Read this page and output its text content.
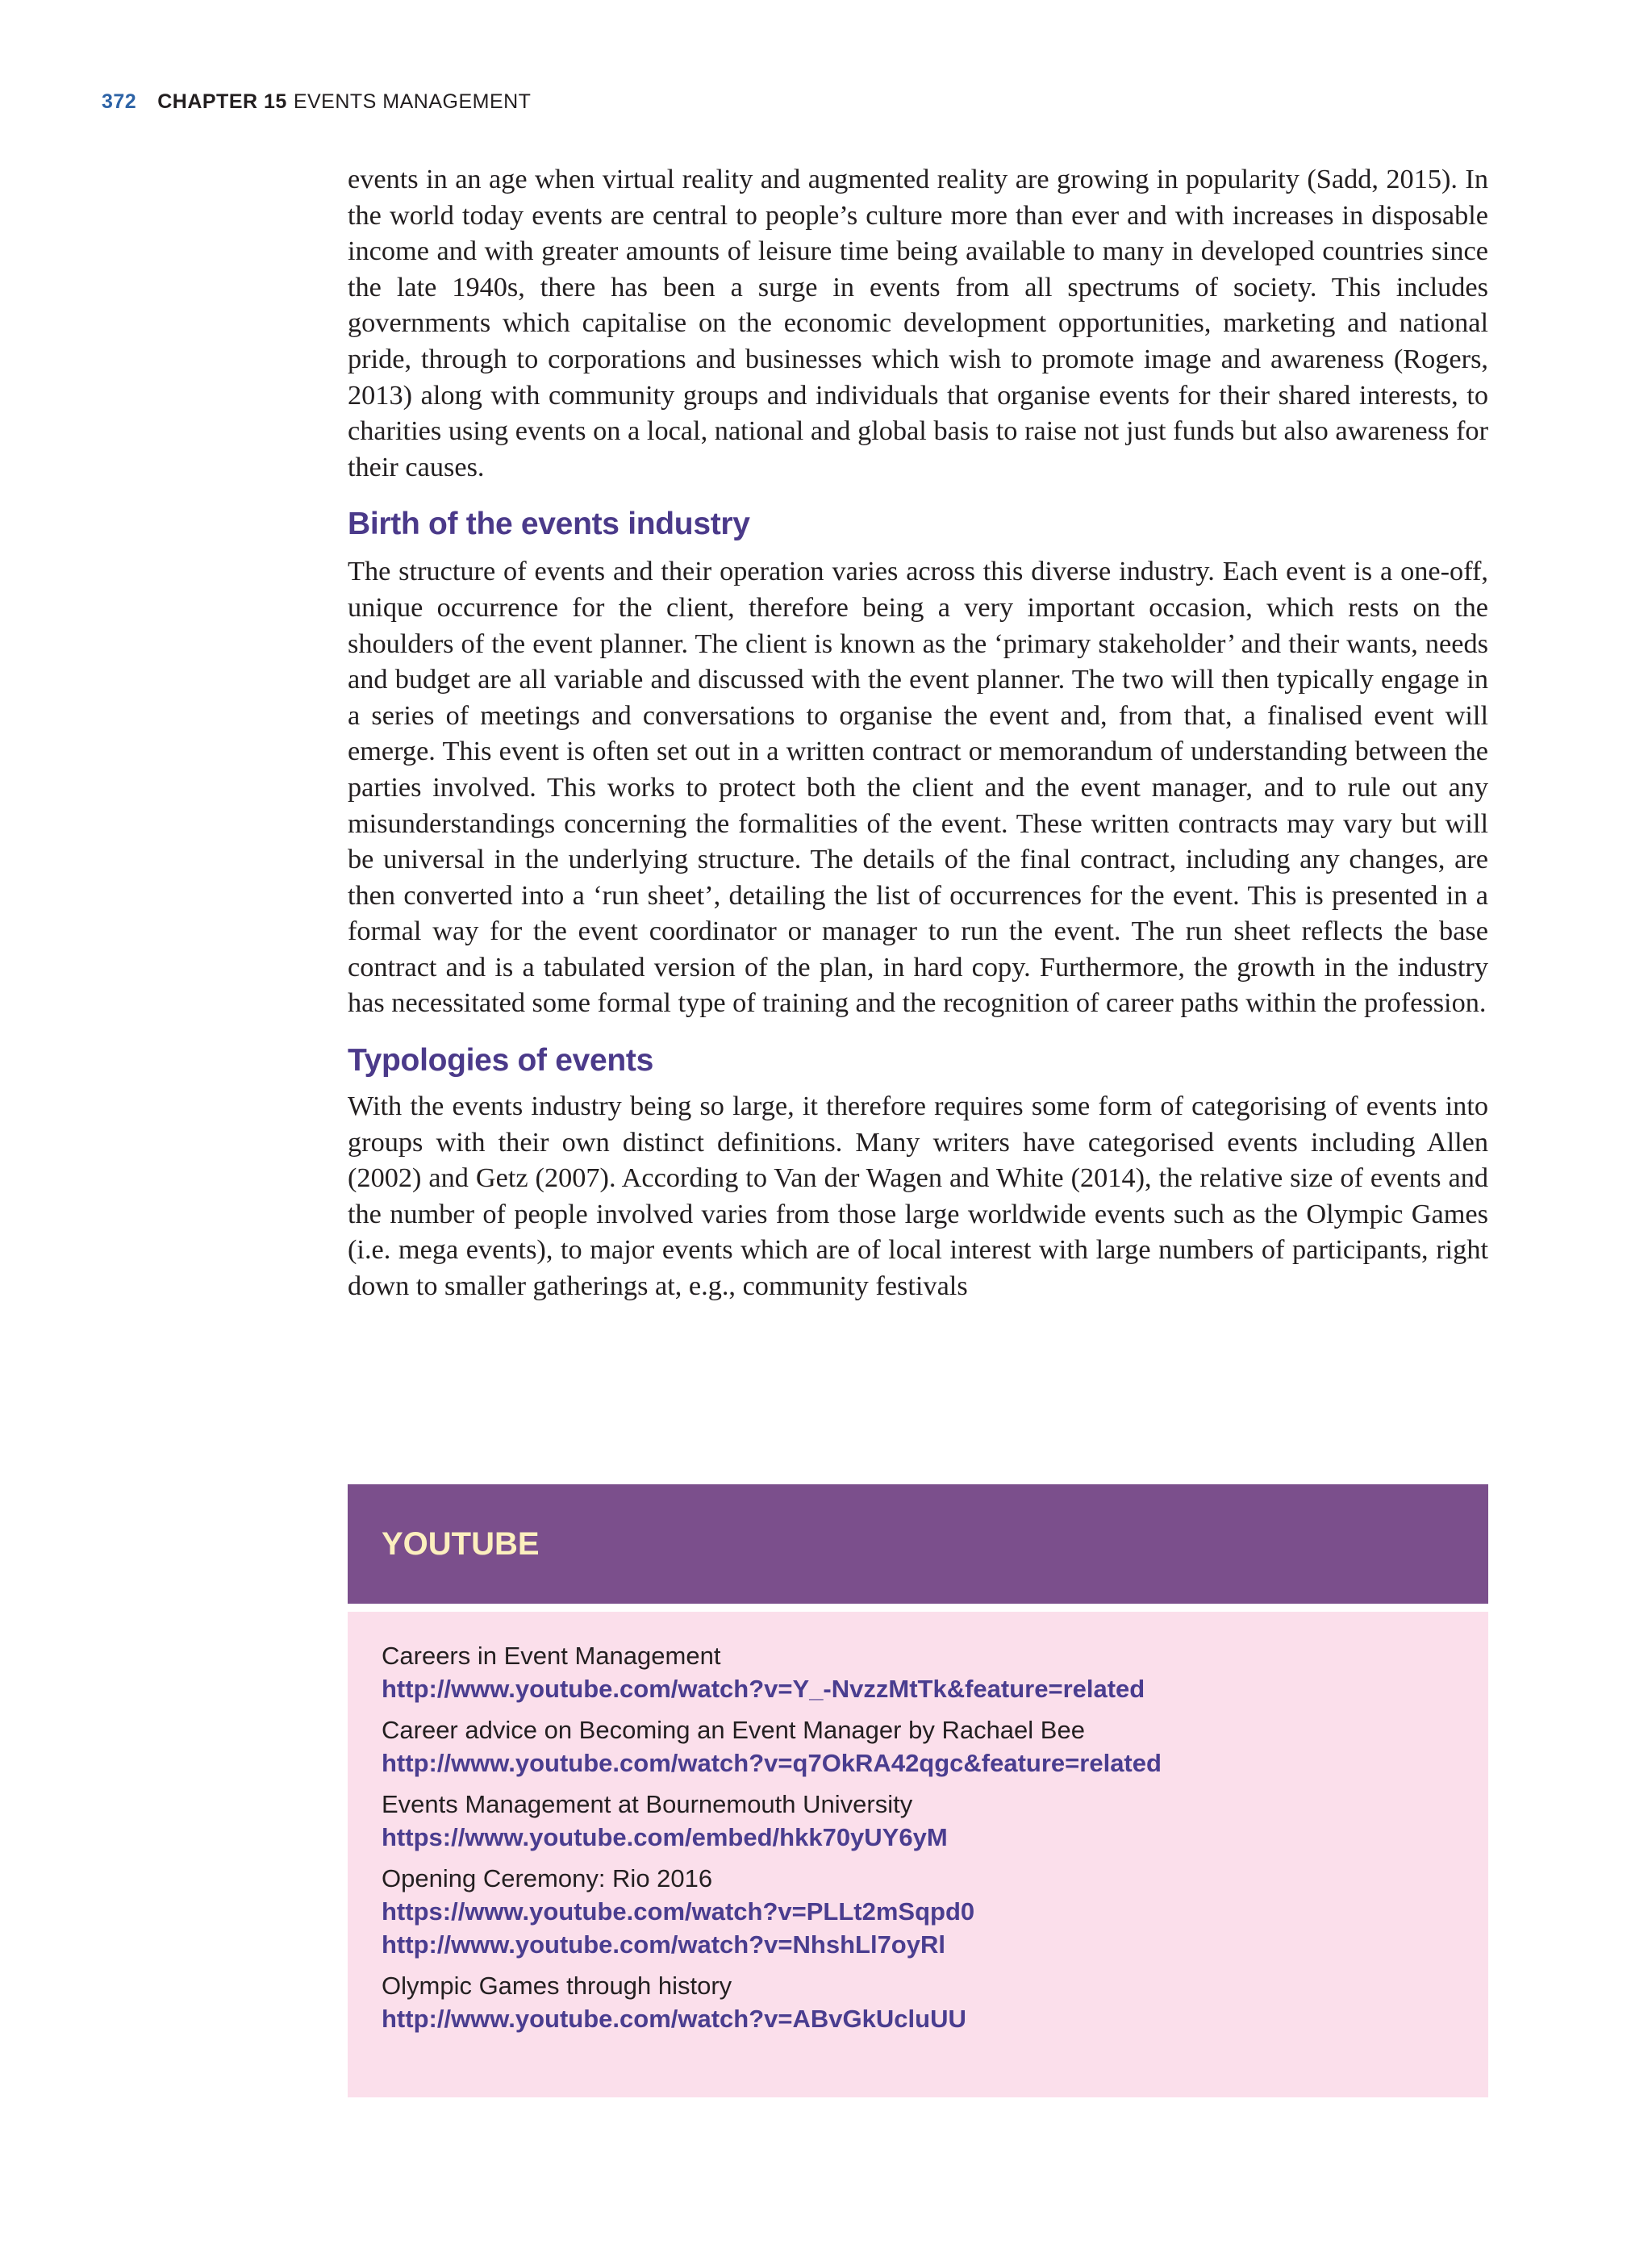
372 CHAPTER 15 EVENTS MANAGEMENT

events in an age when virtual reality and augmented reality are growing in popularity (Sadd, 2015). In the world today events are central to people’s culture more than ever and with increases in disposable income and with greater amounts of leisure time being available to many in developed countries since the late 1940s, there has been a surge in events from all spectrums of society. This includes governments which capitalise on the economic development opportunities, marketing and national pride, through to corporations and businesses which wish to promote image and awareness (Rogers, 2013) along with community groups and individuals that organise events for their shared interests, to charities using events on a local, national and global basis to raise not just funds but also awareness for their causes.

Birth of the events industry

The structure of events and their operation varies across this diverse industry. Each event is a one-off, unique occurrence for the client, therefore being a very important occasion, which rests on the shoulders of the event planner. The client is known as the ‘primary stakeholder’ and their wants, needs and budget are all variable and discussed with the event planner. The two will then typically engage in a series of meetings and conversations to organise the event and, from that, a finalised event will emerge. This event is often set out in a written contract or memorandum of understanding between the parties involved. This works to protect both the client and the event manager, and to rule out any misunderstandings concerning the formalities of the event. These written contracts may vary but will be universal in the underlying structure. The details of the final contract, including any changes, are then converted into a ‘run sheet’, detailing the list of occurrences for the event. This is presented in a formal way for the event coordinator or manager to run the event. The run sheet reflects the base contract and is a tabulated version of the plan, in hard copy. Furthermore, the growth in the industry has necessitated some formal type of training and the recognition of career paths within the profession.

Typologies of events

With the events industry being so large, it therefore requires some form of categorising of events into groups with their own distinct definitions. Many writers have categorised events including Allen (2002) and Getz (2007). According to Van der Wagen and White (2014), the relative size of events and the number of people involved varies from those large worldwide events such as the Olympic Games (i.e. mega events), to major events which are of local interest with large numbers of participants, right down to smaller gatherings at, e.g., community festivals

YOUTUBE
Careers in Event Management
http://www.youtube.com/watch?v=Y_-NvzzMtTk&feature=related
Career advice on Becoming an Event Manager by Rachael Bee
http://www.youtube.com/watch?v=q7OkRA42qgc&feature=related
Events Management at Bournemouth University
https://www.youtube.com/embed/hkk70yUY6yM
Opening Ceremony: Rio 2016
https://www.youtube.com/watch?v=PLLt2mSqpd0
http://www.youtube.com/watch?v=NhshLl7oyRl
Olympic Games through history
http://www.youtube.com/watch?v=ABvGkUcluUU
